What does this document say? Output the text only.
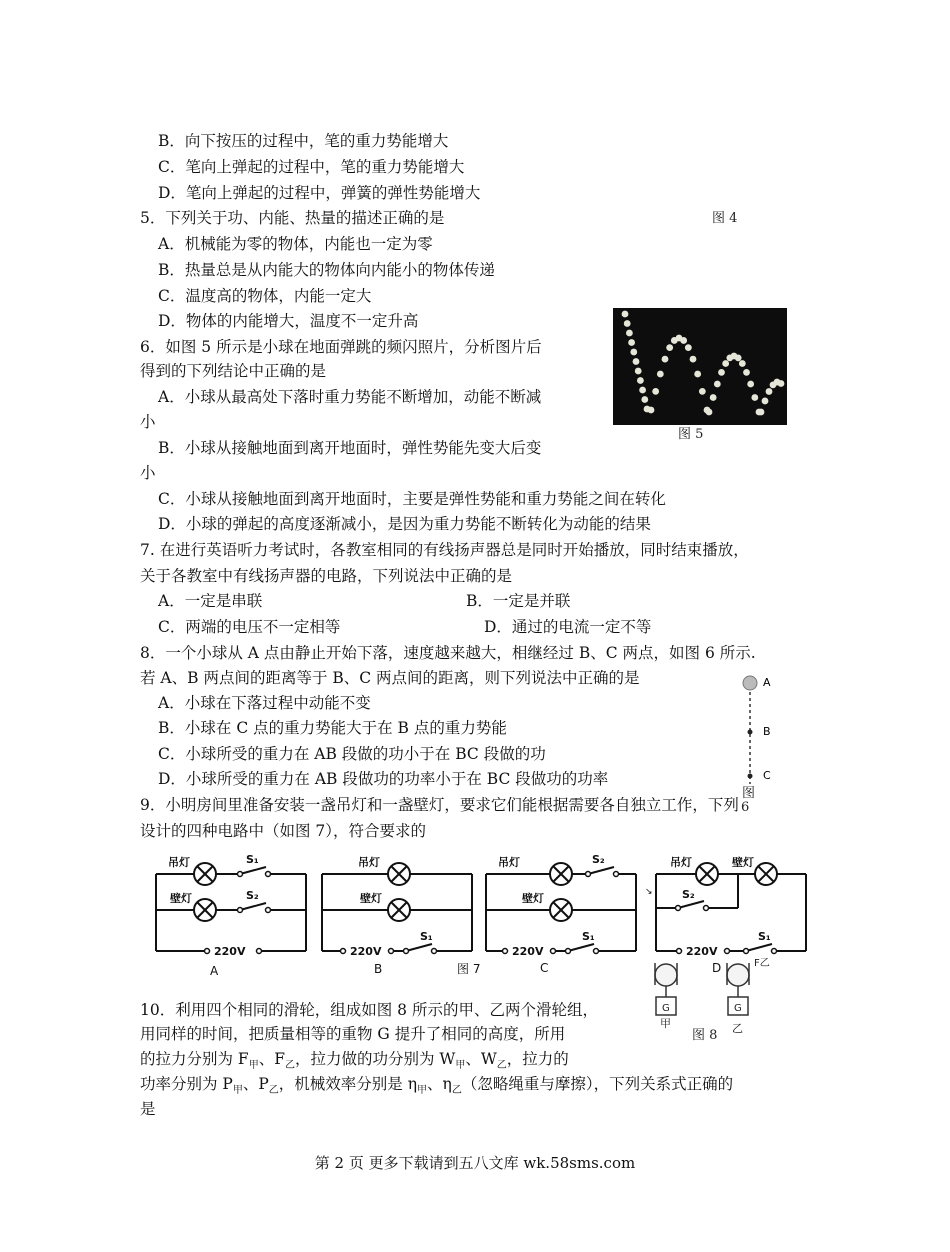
B．向下按压的过程中，笔的重力势能增大
C．笔向上弹起的过程中，笔的重力势能增大
D．笔向上弹起的过程中，弹簧的弹性势能增大
图 4
5．下列关于功、内能、热量的描述正确的是
A．机械能为零的物体，内能也一定为零
B．热量总是从内能大的物体向内能小的物体传递
C．温度高的物体，内能一定大
D．物体的内能增大，温度不一定升高
图 5
6．如图 5 所示是小球在地面弹跳的频闪照片，分析图片后
得到的下列结论中正确的是
A．小球从最高处下落时重力势能不断增加，动能不断减
小
B．小球从接触地面到离开地面时，弹性势能先变大后变
小
C．小球从接触地面到离开地面时，主要是弹性势能和重力势能之间在转化
D．小球的弹起的高度逐渐减小，是因为重力势能不断转化为动能的结果
7. 在进行英语听力考试时，各教室相同的有线扬声器总是同时开始播放，同时结束播放，
关于各教室中有线扬声器的电路，下列说法中正确的是
A．一定是串联	B．一定是并联
C．两端的电压不一定相等	D．通过的电流一定不等
8．一个小球从 A 点由静止开始下落，速度越来越大，相继经过 B、C 两点，如图 6 所示.
若 A、B 两点间的距离等于 B、C 两点间的距离，则下列说法中正确的是
A．小球在下落过程中动能不变
B．小球在 C 点的重力势能大于在 B 点的重力势能
C．小球所受的重力在 AB 段做的功小于在 BC 段做的功
D．小球所受的重力在 AB 段做功的功率小于在 BC 段做功的功率
A
B
C
图
6
9．小明房间里准备安装一盏吊灯和一盏壁灯，要求它们能根据需要各自独立工作，下列
设计的四种电路中（如图 7），符合要求的
吊灯
壁灯
S₁
S₂
220V
吊灯
壁灯
220V
S₁
吊灯
壁灯
S₂
220V
S₁
吊灯	壁灯
S₂
220V
S₁
↘
A	B	图 7	C	D
G	G
甲	乙
F乙
图 8
10．利用四个相同的滑轮，组成如图 8 所示的甲、乙两个滑轮组，
用同样的时间，把质量相等的重物 G 提升了相同的高度，所用
的拉力分别为 $F_甲$、$F_乙$，拉力做的功分别为 $W_甲$、$W_乙$，拉力的
功率分别为 $P_甲$、$P_乙$，机械效率分别是 $\eta_甲$、$\eta_乙$（忽略绳重与摩擦），下列关系式正确的
是
第 2 页 更多下载请到五八文库 wk.58sms.com
